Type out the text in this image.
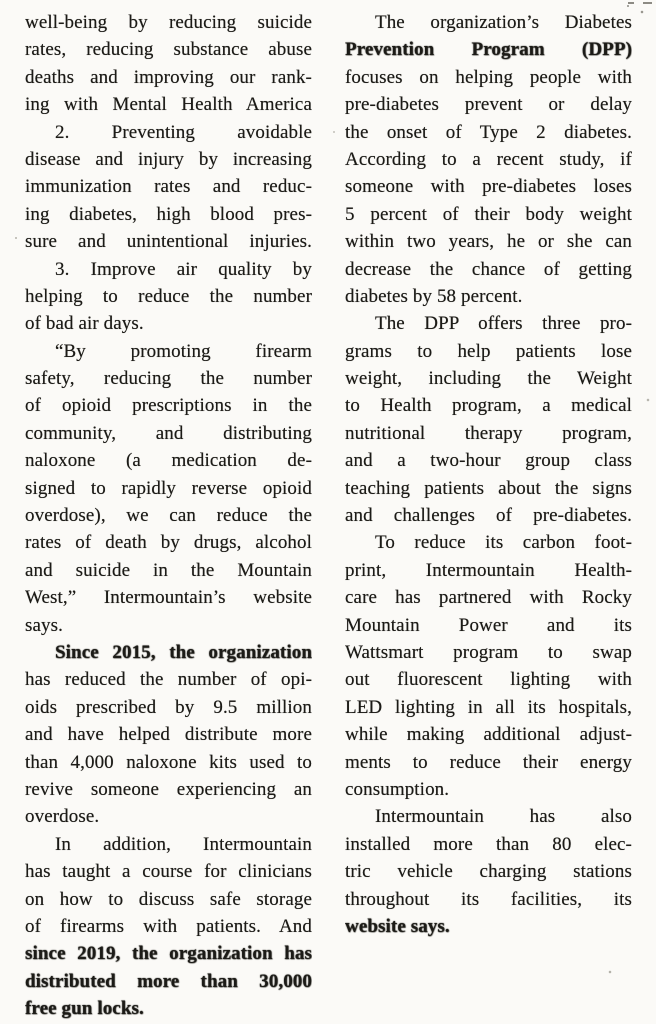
well-being by reducing suicide
rates, reducing substance abuse
deaths and improving our rank-
ing with Mental Health America
2. Preventing avoidable
disease and injury by increasing
immunization rates and reduc-
ing diabetes, high blood pres-
sure and unintentional injuries.
3. Improve air quality by
helping to reduce the number
of bad air days.
“By promoting firearm
safety, reducing the number
of opioid prescriptions in the
community, and distributing
naloxone (a medication de-
signed to rapidly reverse opioid
overdose), we can reduce the
rates of death by drugs, alcohol
and suicide in the Mountain
West,” Intermountain’s website
says.
Since 2015, the organization
has reduced the number of opi-
oids prescribed by 9.5 million
and have helped distribute more
than 4,000 naloxone kits used to
revive someone experiencing an
overdose.
In addition, Intermountain
has taught a course for clinicians
on how to discuss safe storage
of firearms with patients. And
since 2019, the organization has
distributed more than 30,000
free gun locks.
The organization’s Diabetes
Prevention Program (DPP)
focuses on helping people with
pre-diabetes prevent or delay
the onset of Type 2 diabetes.
According to a recent study, if
someone with pre-diabetes loses
5 percent of their body weight
within two years, he or she can
decrease the chance of getting
diabetes by 58 percent.
The DPP offers three pro-
grams to help patients lose
weight, including the Weight
to Health program, a medical
nutritional therapy program,
and a two-hour group class
teaching patients about the signs
and challenges of pre-diabetes.
To reduce its carbon foot-
print, Intermountain Health-
care has partnered with Rocky
Mountain Power and its
Wattsmart program to swap
out fluorescent lighting with
LED lighting in all its hospitals,
while making additional adjust-
ments to reduce their energy
consumption.
Intermountain has also
installed more than 80 elec-
tric vehicle charging stations
throughout its facilities, its
website says.
